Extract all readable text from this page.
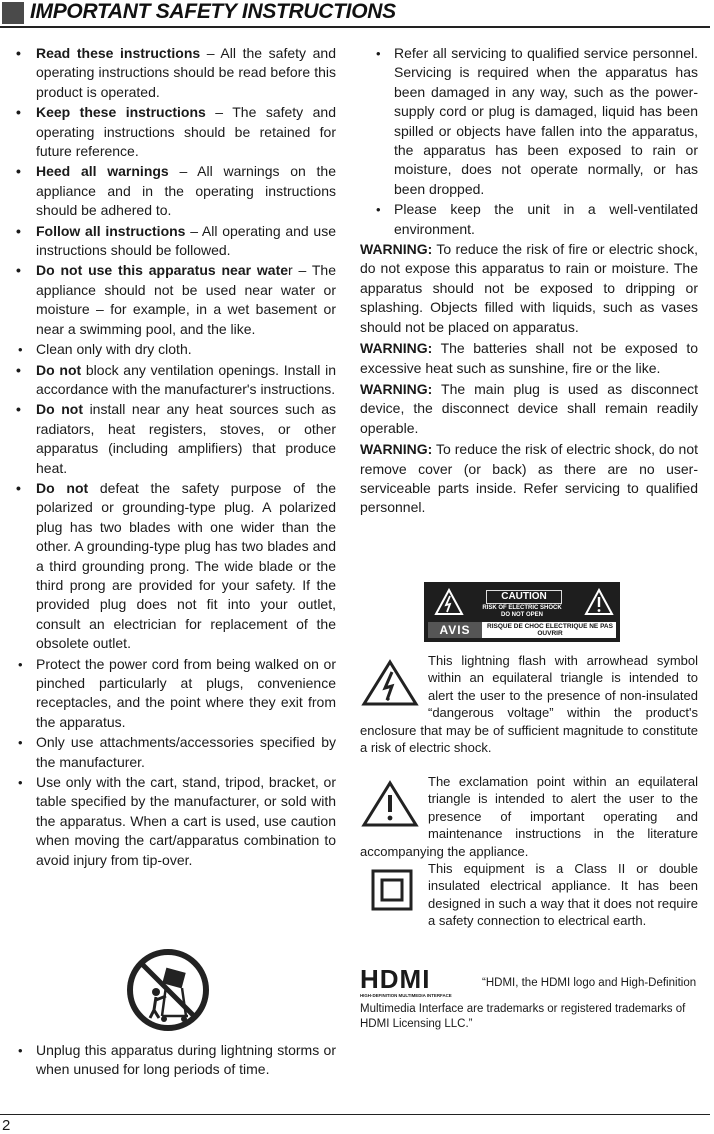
IMPORTANT SAFETY INSTRUCTIONS
• Read these instructions – All the safety and operating instructions should be read before this product is operated.
• Keep these instructions – The safety and operating instructions should be retained for future reference.
• Heed all warnings – All warnings on the appliance and in the operating instructions should be adhered to.
• Follow all instructions – All operating and use instructions should be followed.
• Do not use this apparatus near water – The appliance should not be used near water or moisture – for example, in a wet basement or near a swimming pool, and the like.
• Clean only with dry cloth.
• Do not block any ventilation openings. Install in accordance with the manufacturer's instructions.
• Do not install near any heat sources such as radiators, heat registers, stoves, or other apparatus (including amplifiers) that produce heat.
• Do not defeat the safety purpose of the polarized or grounding-type plug. A polarized plug has two blades with one wider than the other. A grounding-type plug has two blades and a third grounding prong. The wide blade or the third prong are provided for your safety. If the provided plug does not fit into your outlet, consult an electrician for replacement of the obsolete outlet.
• Protect the power cord from being walked on or pinched particularly at plugs, convenience receptacles, and the point where they exit from the apparatus.
• Only use attachments/accessories specified by the manufacturer.
• Use only with the cart, stand, tripod, bracket, or table specified by the manufacturer, or sold with the apparatus. When a cart is used, use caution when moving the cart/apparatus combination to avoid injury from tip-over.
• Unplug this apparatus during lightning storms or when unused for long periods of time.
• Refer all servicing to qualified service personnel. Servicing is required when the apparatus has been damaged in any way, such as the power-supply cord or plug is damaged, liquid has been spilled or objects have fallen into the apparatus, the apparatus has been exposed to rain or moisture, does not operate normally, or has been dropped.
• Please keep the unit in a well-ventilated environment.

WARNING: To reduce the risk of fire or electric shock, do not expose this apparatus to rain or moisture. The apparatus should not be exposed to dripping or splashing. Objects filled with liquids, such as vases should not be placed on apparatus.

WARNING: The batteries shall not be exposed to excessive heat such as sunshine, fire or the like.

WARNING: The main plug is used as disconnect device, the disconnect device shall remain readily operable.

WARNING: To reduce the risk of electric shock, do not remove cover (or back) as there are no user-serviceable parts inside. Refer servicing to qualified personnel.

CAUTION
RISK OF ELECTRIC SHOCK
DO NOT OPEN
AVIS	RISQUE DE CHOC ELECTRIQUE NE PAS OUVRIR
This lightning flash with arrowhead symbol within an equilateral triangle is intended to alert the user to the presence of non-insulated “dangerous voltage” within the product's enclosure that may be of sufficient magnitude to constitute a risk of electric shock.
The exclamation point within an equilateral triangle is intended to alert the user to the presence of important operating and maintenance instructions in the literature accompanying the appliance.
This equipment is a Class II or double insulated electrical appliance. It has been designed in such a way that it does not require a safety connection to electrical earth.
HDMI
HIGH-DEFINITION MULTIMEDIA INTERFACE
“HDMI, the HDMI logo and High-Definition
Multimedia Interface are trademarks or registered trademarks of HDMI Licensing LLC.”
2
